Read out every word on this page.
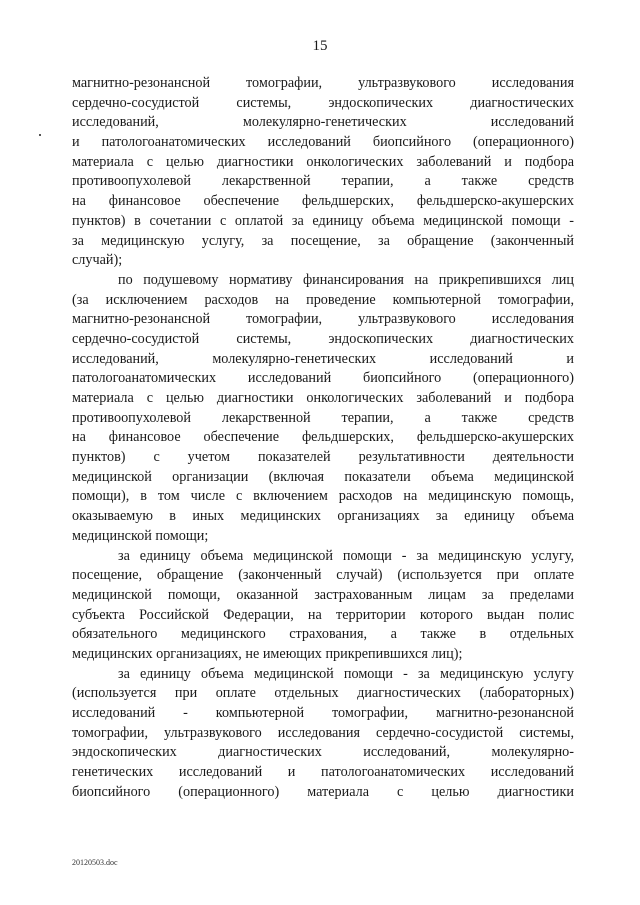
15
магнитно-резонансной томографии, ультразвукового исследования
сердечно-сосудистой системы, эндоскопических диагностических
исследований, молекулярно-генетических исследований
и патологоанатомических исследований биопсийного (операционного)
материала с целью диагностики онкологических заболеваний и подбора
противоопухолевой лекарственной терапии, а также средств
на финансовое обеспечение фельдшерских, фельдшерско-акушерских
пунктов) в сочетании с оплатой за единицу объема медицинской помощи -
за медицинскую услугу, за посещение, за обращение (законченный
случай);
по подушевому нормативу финансирования на прикрепившихся лиц
(за исключением расходов на проведение компьютерной томографии,
магнитно-резонансной томографии, ультразвукового исследования
сердечно-сосудистой системы, эндоскопических диагностических
исследований, молекулярно-генетических исследований и
патологоанатомических исследований биопсийного (операционного)
материала с целью диагностики онкологических заболеваний и подбора
противоопухолевой лекарственной терапии, а также средств
на финансовое обеспечение фельдшерских, фельдшерско-акушерских
пунктов) с учетом показателей результативности деятельности
медицинской организации (включая показатели объема медицинской
помощи), в том числе с включением расходов на медицинскую помощь,
оказываемую в иных медицинских организациях за единицу объема
медицинской помощи;
за единицу объема медицинской помощи - за медицинскую услугу,
посещение, обращение (законченный случай) (используется при оплате
медицинской помощи, оказанной застрахованным лицам за пределами
субъекта Российской Федерации, на территории которого выдан полис
обязательного медицинского страхования, а также в отдельных
медицинских организациях, не имеющих прикрепившихся лиц);
за единицу объема медицинской помощи - за медицинскую услугу
(используется при оплате отдельных диагностических (лабораторных)
исследований - компьютерной томографии, магнитно-резонансной
томографии, ультразвукового исследования сердечно-сосудистой системы,
эндоскопических диагностических исследований, молекулярно-
генетических исследований и патологоанатомических исследований
биопсийного (операционного) материала с целью диагностики
20120503.doc
